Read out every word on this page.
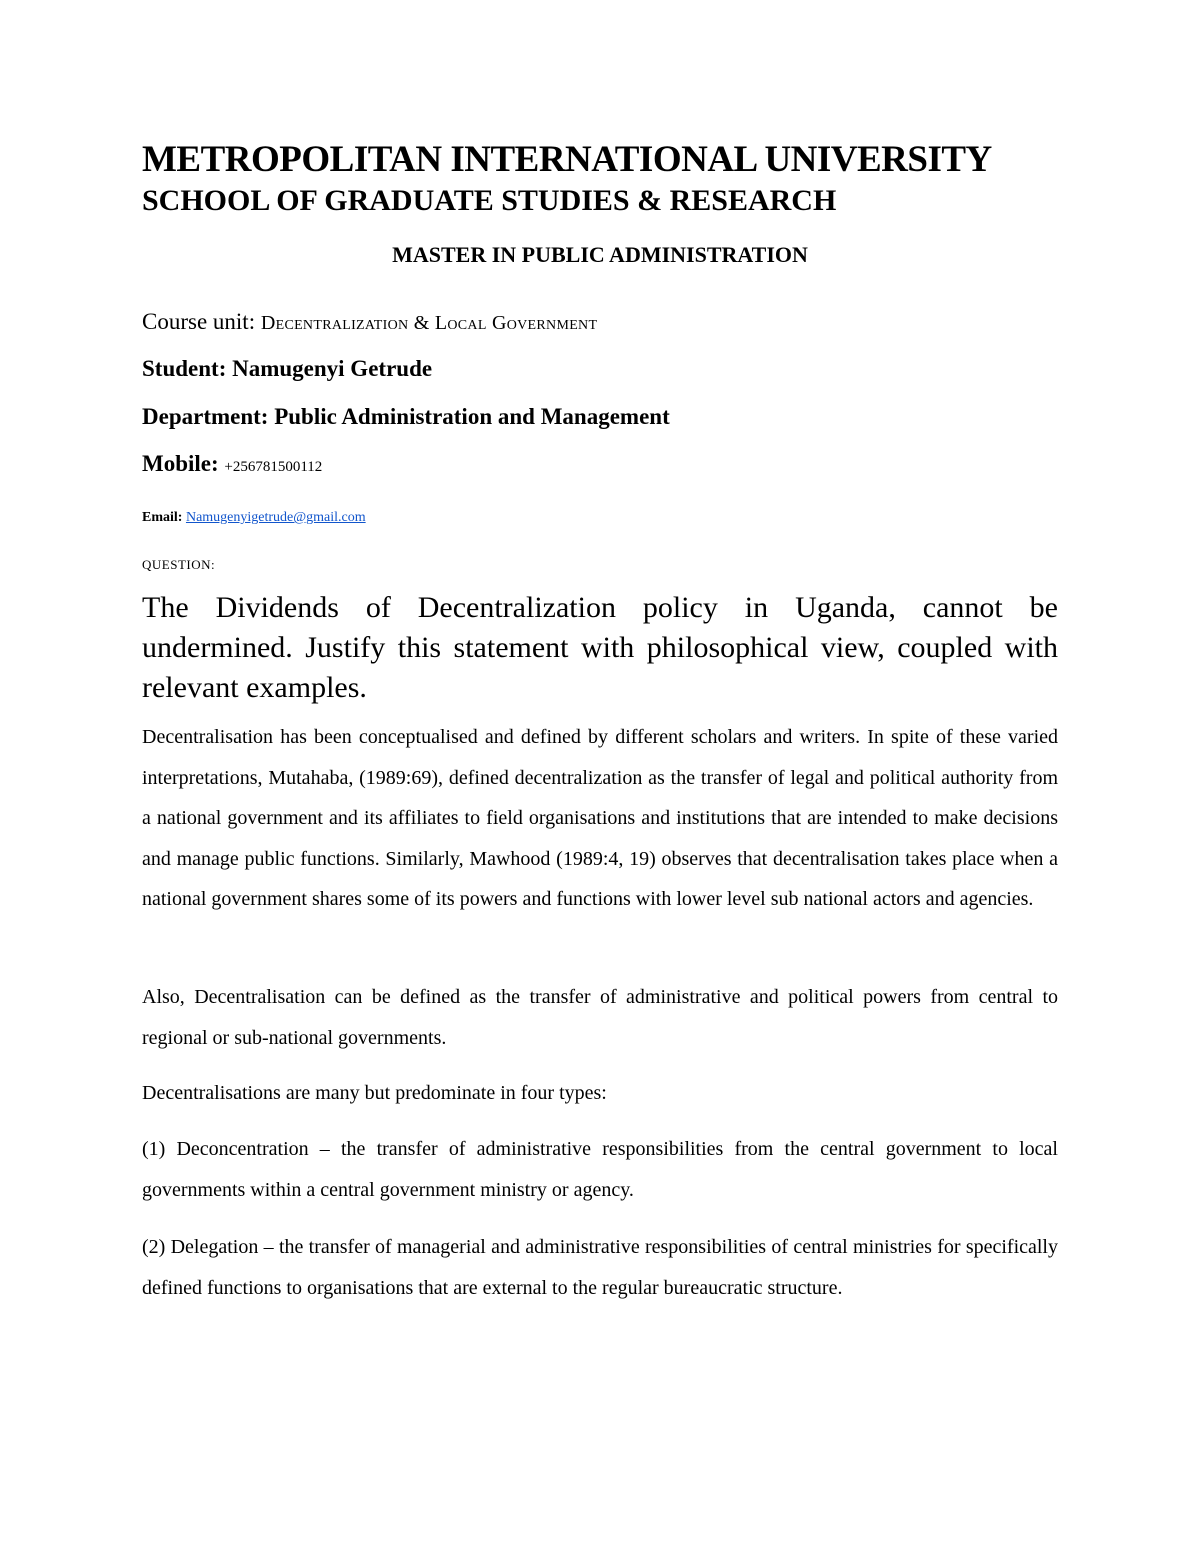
METROPOLITAN INTERNATIONAL UNIVERSITY
SCHOOL OF GRADUATE STUDIES & RESEARCH
MASTER IN PUBLIC ADMINISTRATION
Course unit: Decentralization & Local Government
Student: Namugenyi Getrude
Department: Public Administration and Management
Mobile: +256781500112
Email: Namugenyigetrude@gmail.com
QUESTION:
The Dividends of Decentralization policy in Uganda, cannot be
undermined. Justify this statement with philosophical view, coupled with relevant examples.

Decentralisation has been conceptualised and defined by different scholars and writers. In spite of these varied interpretations, Mutahaba, (1989:69), defined decentralization as the transfer of legal and political authority from a national government and its affiliates to field organisations and institutions that are intended to make decisions and manage public functions. Similarly, Mawhood (1989:4, 19) observes that decentralisation takes place when a national government shares some of its powers and functions with lower level sub national actors and agencies.

Also, Decentralisation can be defined as the transfer of administrative and political powers from central to regional or sub-national governments.

Decentralisations are many but predominate in four types:

(1) Deconcentration – the transfer of administrative responsibilities from the central government to local governments within a central government ministry or agency.

(2) Delegation – the transfer of managerial and administrative responsibilities of central ministries for specifically defined functions to organisations that are external to the regular bureaucratic structure.
